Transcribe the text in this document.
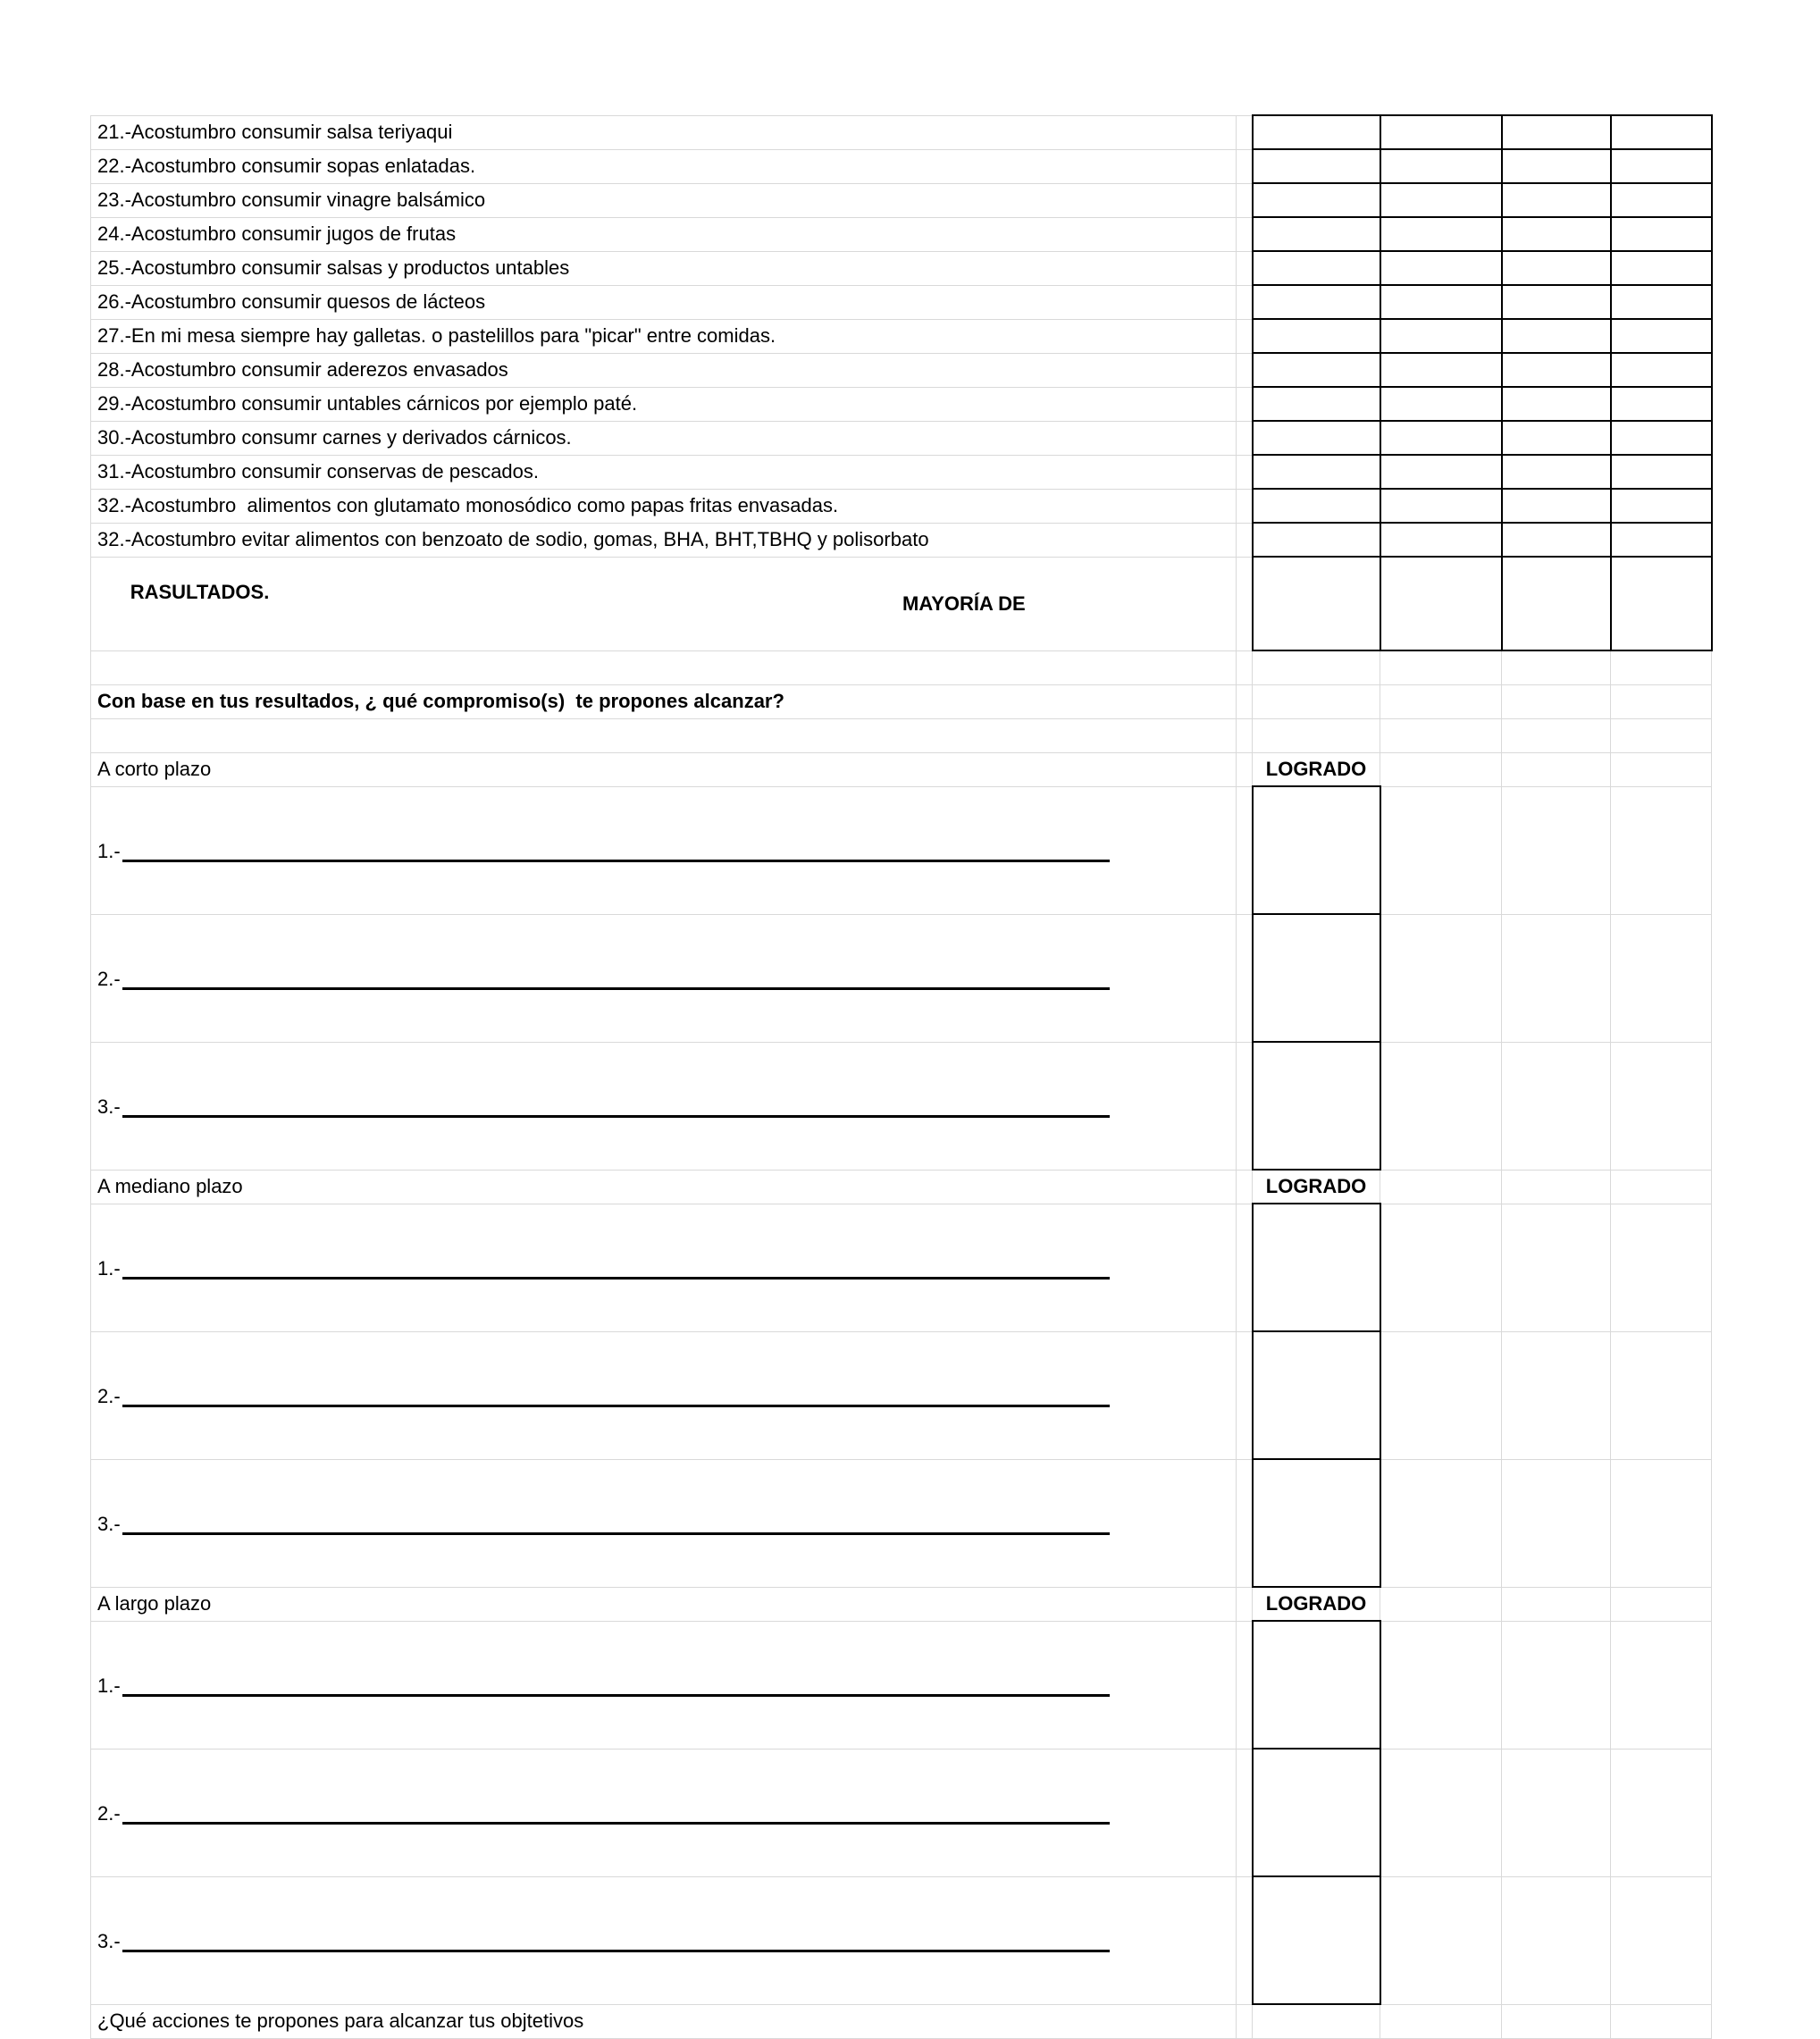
21.-Acostumbro consumir salsa teriyaqui					
22.-Acostumbro consumir sopas enlatadas.					
23.-Acostumbro consumir vinagre balsámico					
24.-Acostumbro consumir jugos de frutas					
25.-Acostumbro consumir salsas y productos untables					
26.-Acostumbro consumir quesos de lácteos					
27.-En mi mesa siempre hay galletas. o pastelillos para "picar" entre comidas.					
28.-Acostumbro consumir aderezos envasados					
29.-Acostumbro consumir untables cárnicos por ejemplo paté.					
30.-Acostumbro consumr carnes y derivados cárnicos.					
31.-Acostumbro consumir conservas de pescados.					
32.-Acostumbro  alimentos con glutamato monosódico como papas fritas envasadas.					
32.-Acostumbro evitar alimentos con benzoato de sodio, gomas, BHA, BHT,TBHQ y polisorbato					

RASULTADOS.

MAYORÍA DE					

Con base en tus resultados, ¿ qué compromiso(s)  te propones alcanzar?					

A corto plazo		LOGRADO			

1.-					

2.-					

3.-					

A mediano plazo		LOGRADO			

1.-					

2.-					

3.-					

A largo plazo		LOGRADO			

1.-					

2.-					

3.-					

¿Qué acciones te propones para alcanzar tus objtetivos					
